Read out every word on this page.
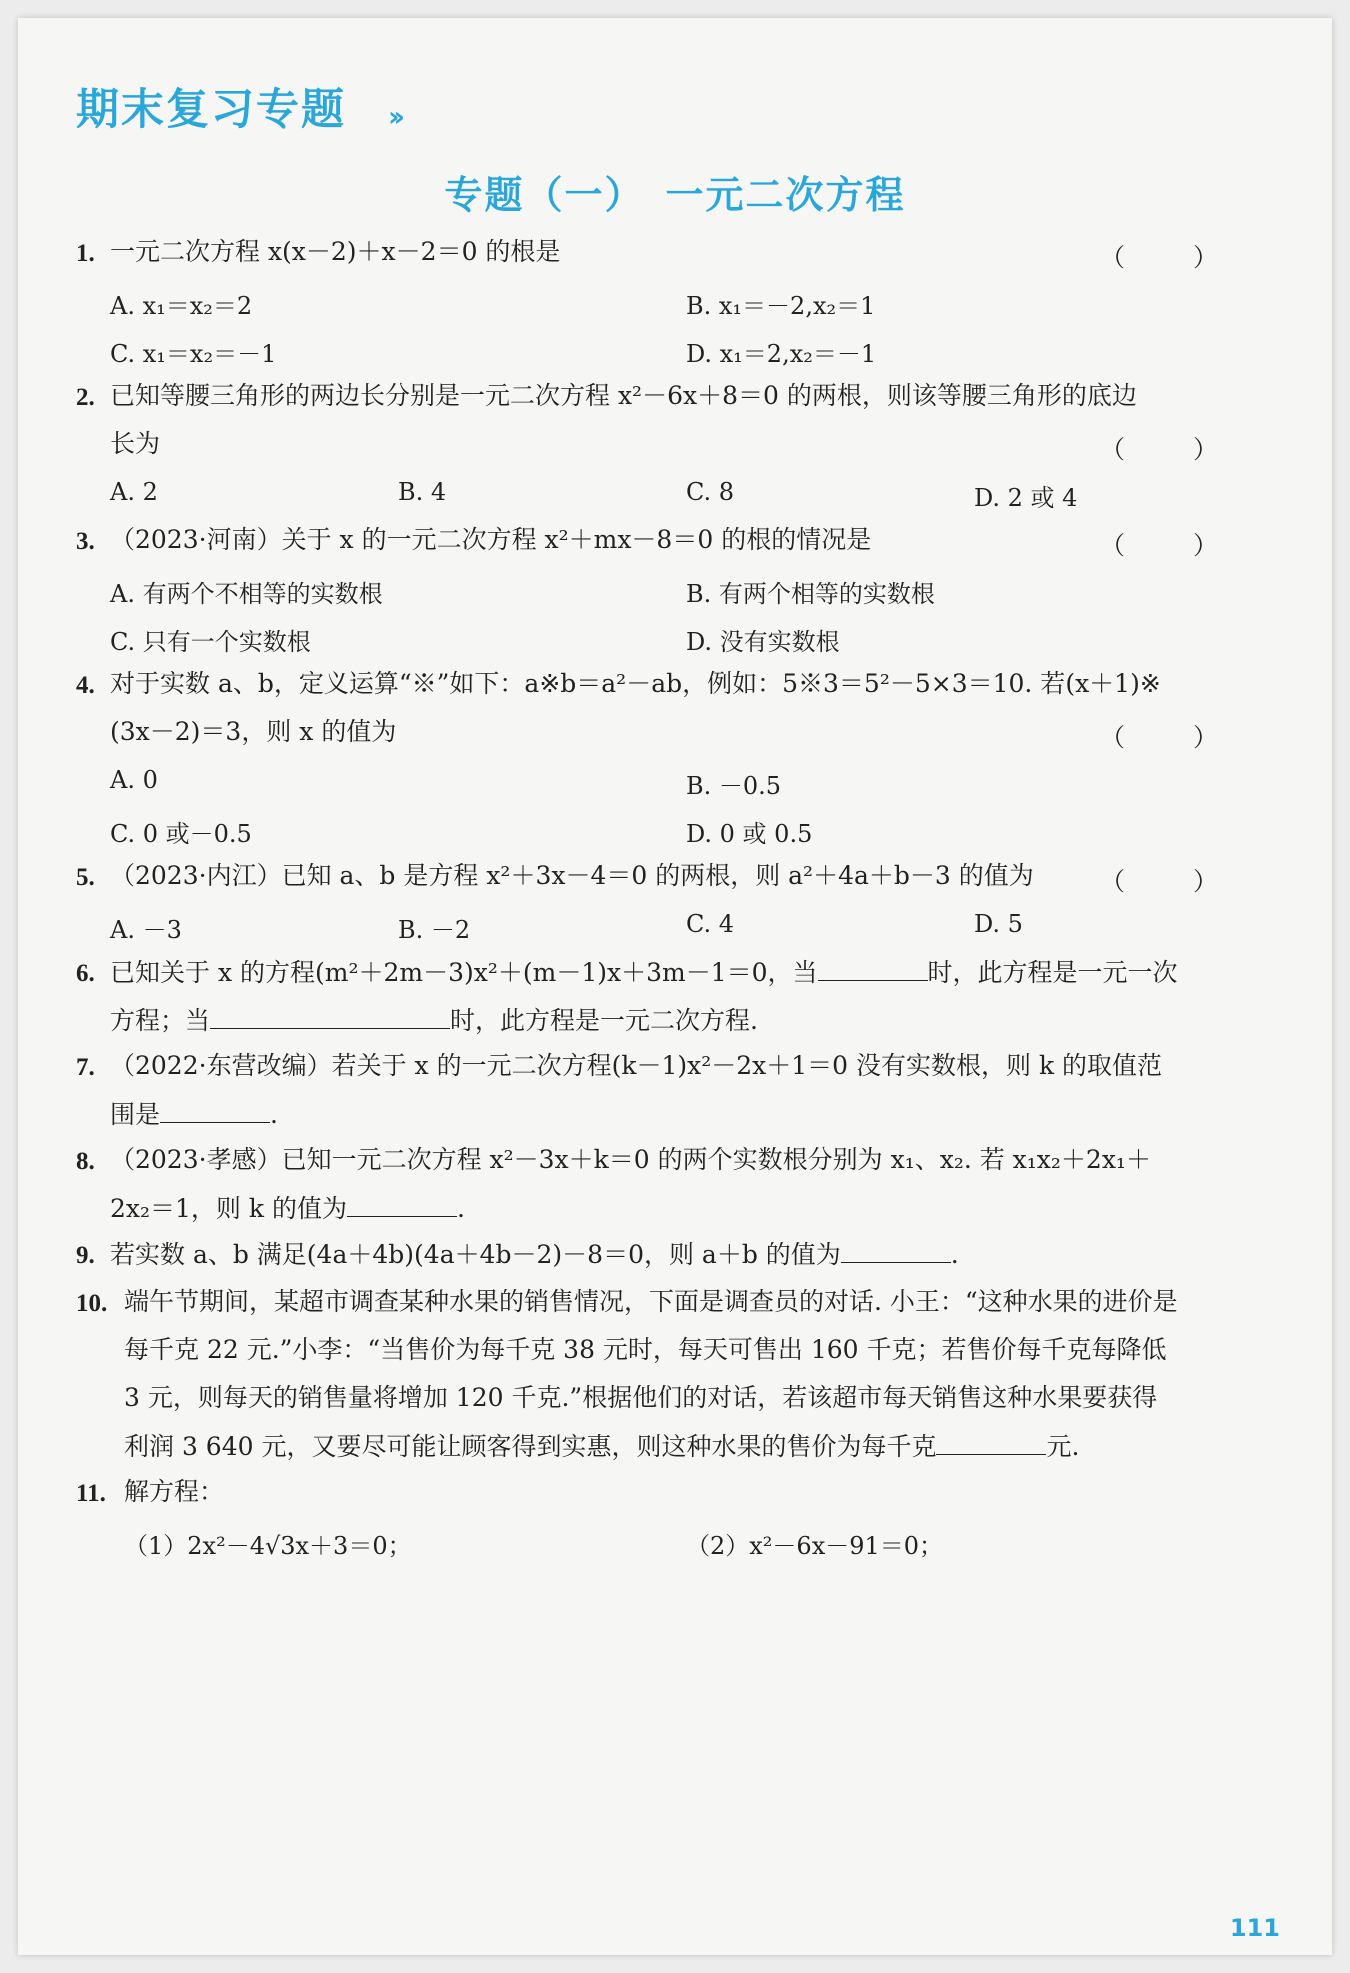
期末复习专题 ››
专题（一）　一元二次方程
1. 一元二次方程 x(x－2)＋x－2＝0 的根是	（ ）
A. x₁＝x₂＝2	B. x₁＝－2,x₂＝1
C. x₁＝x₂＝－1	D. x₁＝2,x₂＝－1
2. 已知等腰三角形的两边长分别是一元二次方程 x²－6x＋8＝0 的两根，则该等腰三角形的底边
长为	（ ）
A. 2	B. 4	C. 8	D. 2 或 4
3. （2023·河南）关于 x 的一元二次方程 x²＋mx－8＝0 的根的情况是	（ ）
A. 有两个不相等的实数根	B. 有两个相等的实数根
C. 只有一个实数根	D. 没有实数根
4. 对于实数 a、b，定义运算“※”如下：a※b＝a²－ab，例如：5※3＝5²－5×3＝10. 若(x＋1)※
(3x－2)＝3，则 x 的值为	（ ）
A. 0	B. －0.5
C. 0 或－0.5	D. 0 或 0.5
5. （2023·内江）已知 a、b 是方程 x²＋3x－4＝0 的两根，则 a²＋4a＋b－3 的值为	（ ）
A. －3	B. －2	C. 4	D. 5
6. 已知关于 x 的方程(m²＋2m－3)x²＋(m－1)x＋3m－1＝0，当	时，此方程是一元一次
方程；当	时，此方程是一元二次方程.
7. （2022·东营改编）若关于 x 的一元二次方程(k－1)x²－2x＋1＝0 没有实数根，则 k 的取值范
围是	.
8. （2023·孝感）已知一元二次方程 x²－3x＋k＝0 的两个实数根分别为 x₁、x₂. 若 x₁x₂＋2x₁＋
2x₂＝1，则 k 的值为	.
9. 若实数 a、b 满足(4a＋4b)(4a＋4b－2)－8＝0，则 a＋b 的值为	.
10. 端午节期间，某超市调查某种水果的销售情况，下面是调查员的对话. 小王：“这种水果的进价是
每千克 22 元.”小李：“当售价为每千克 38 元时，每天可售出 160 千克；若售价每千克每降低
3 元，则每天的销售量将增加 120 千克.”根据他们的对话，若该超市每天销售这种水果要获得
利润 3 640 元，又要尽可能让顾客得到实惠，则这种水果的售价为每千克	元.
11. 解方程：
（1）2x²－4√3x＋3＝0；	（2）x²－6x－91＝0；
111
